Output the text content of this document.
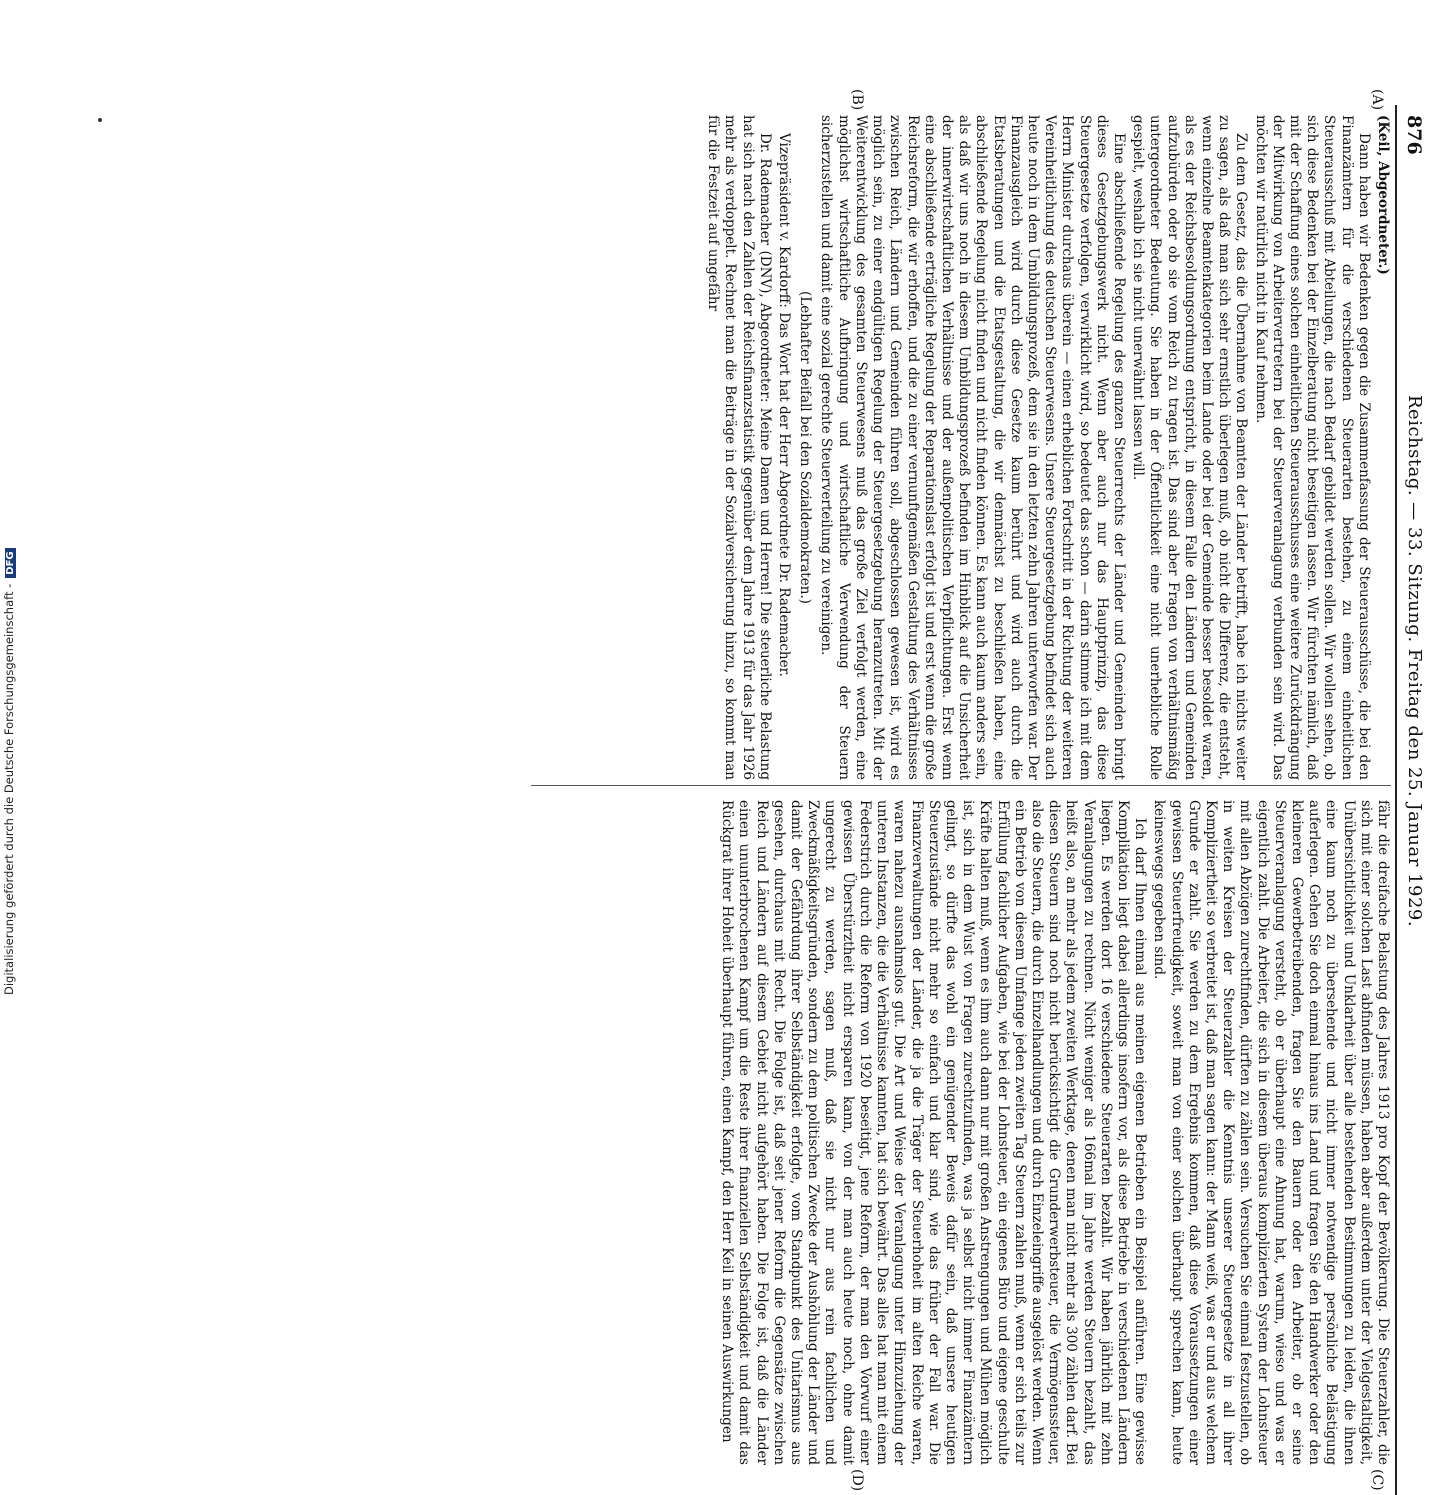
876
Reichstag. — 33. Sitzung. Freitag den 25. Januar 1929.
(A)
(B)
(C)
(D)

(Keil, Abgeordneter.)

Dann haben wir Bedenken gegen die Zusammenfassung der Steuerausschüsse, die bei den Finanzämtern für die verschiedenen Steuerarten bestehen, zu einem einheitlichen Steuerausschuß mit Abteilungen, die nach Bedarf gebildet werden sollen. Wir wollen sehen, ob sich diese Bedenken bei der Einzelberatung nicht beseitigen lassen. Wir fürchten nämlich, daß mit der Schaffung eines solchen einheitlichen Steuerausschusses eine weitere Zurückdrängung der Mitwirkung von Arbeitervertretern bei der Steuerveranlagung verbunden sein wird. Das möchten wir natürlich nicht in Kauf nehmen.

Zu dem Gesetz, das die Übernahme von Beamten der Länder betrifft, habe ich nichts weiter zu sagen, als daß man sich sehr ernstlich überlegen muß, ob nicht die Differenz, die entsteht, wenn einzelne Beamtenkategorien beim Lande oder bei der Gemeinde besser besoldet waren, als es der Reichsbesoldungsordnung entspricht, in diesem Falle den Ländern und Gemeinden aufzubürden oder ob sie vom Reich zu tragen ist. Das sind aber Fragen von verhältnismäßig untergeordneter Bedeutung. Sie haben in der Öffentlichkeit eine nicht unerhebliche Rolle gespielt, weshalb ich sie nicht unerwähnt lassen will.

Eine abschließende Regelung des ganzen Steuerrechts der Länder und Gemeinden bringt dieses Gesetzgebungswerk nicht. Wenn aber auch nur das Hauptprinzip, das diese Steuergesetze verfolgen, verwirklicht wird, so bedeutet das schon — darin stimme ich mit dem Herrn Minister durchaus überein — einen erheblichen Fortschritt in der Richtung der weiteren Vereinheitlichung des deutschen Steuerwesens. Unsere Steuergesetzgebung befindet sich auch heute noch in dem Umbildungsprozeß, dem sie in den letzten zehn Jahren unterworfen war. Der Finanzausgleich wird durch diese Gesetze kaum berührt und wird auch durch die Etatsberatungen und die Etatsgestaltung, die wir demnächst zu beschließen haben, eine abschließende Regelung nicht finden und nicht finden können. Es kann auch kaum anders sein, als daß wir uns noch in diesem Umbildungsprozeß befinden im Hinblick auf die Unsicherheit der innerwirtschaftlichen Verhältnisse und der außenpolitischen Verpflichtungen. Erst wenn eine abschließende erträgliche Regelung der Reparationslast erfolgt ist und erst wenn die große Reichsreform, die wir erhoffen, und die zu einer vernunftgemäßen Gestaltung des Verhältnisses zwischen Reich, Ländern und Gemeinden führen soll, abgeschlossen gewesen ist, wird es möglich sein, zu einer endgültigen Regelung der Steuergesetzgebung heranzutreten. Mit der Weiterentwicklung des gesamten Steuerwesens muß das große Ziel verfolgt werden, eine möglichst wirtschaftliche Aufbringung und wirtschaftliche Verwendung der Steuern sicherzustellen und damit eine sozial gerechte Steuerverteilung zu vereinigen.

(Lebhafter Beifall bei den Sozialdemokraten.)

Vizepräsident v. Kardorff: Das Wort hat der Herr Abgeordnete Dr. Rademacher.

Dr. Rademacher (DNV), Abgeordneter: Meine Damen und Herren! Die steuerliche Belastung hat sich nach den Zahlen der Reichsfinanzstatistik gegenüber dem Jahre 1913 für das Jahr 1926 mehr als verdoppelt. Rechnet man die Beiträge in der Sozialversicherung hinzu, so kommt man für die Festzeit auf ungefähr

fähr die dreifache Belastung des Jahres 1913 pro Kopf der Bevölkerung. Die Steuerzahler, die sich mit einer solchen Last abfinden müssen, haben aber außerdem unter der Vielgestaltigkeit, Unübersichtlichkeit und Unklarheit über alle bestehenden Bestimmungen zu leiden, die ihnen eine kaum noch zu übersehende und nicht immer notwendige persönliche Belästigung auferlegen. Gehen Sie doch einmal hinaus ins Land und fragen Sie den Handwerker oder den kleineren Gewerbetreibenden, fragen Sie den Bauern oder den Arbeiter, ob er seine Steuerveranlagung versteht, ob er überhaupt eine Ahnung hat, warum, wieso und was er eigentlich zahlt. Die Arbeiter, die sich in diesem überaus komplizierten System der Lohnsteuer mit allen Abzügen zurechtfinden, dürften zu zählen sein. Versuchen Sie einmal festzustellen, ob in weiten Kreisen der Steuerzahler die Kenntnis unserer Steuergesetze in all ihrer Kompliziertheit so verbreitet ist, daß man sagen kann: der Mann weiß, was er und aus welchem Grunde er zahlt. Sie werden zu dem Ergebnis kommen, daß diese Voraussetzungen einer gewissen Steuerfreudigkeit, soweit man von einer solchen überhaupt sprechen kann, heute keineswegs gegeben sind.

Ich darf Ihnen einmal aus meinen eigenen Betrieben ein Beispiel anführen. Eine gewisse Komplikation liegt dabei allerdings insofern vor, als diese Betriebe in verschiedenen Ländern liegen. Es werden dort 16 verschiedene Steuerarten bezahlt. Wir haben jährlich mit zehn Veranlagungen zu rechnen. Nicht weniger als 166mal im Jahre werden Steuern bezahlt, das heißt also, an mehr als jedem zweiten Werktage, denen man nicht mehr als 300 zählen darf. Bei diesen Steuern sind noch nicht berücksichtigt die Grunderwerbsteuer, die Vermögenssteuer, also die Steuern, die durch Einzelhandlungen und durch Einzeleingriffe ausgelöst werden. Wenn ein Betrieb von diesem Umfange jeden zweiten Tag Steuern zahlen muß, wenn er sich teils zur Erfüllung fachlicher Aufgaben, wie bei der Lohnsteuer, ein eigenes Büro und eigene geschulte Kräfte halten muß, wenn es ihm auch dann nur mit großen Anstrengungen und Mühen möglich ist, sich in dem Wust von Fragen zurechtzufinden, was ja selbst nicht immer Finanzämtern gelingt, so dürfte das wohl ein genügender Beweis dafür sein, daß unsere heutigen Steuerzustände nicht mehr so einfach und klar sind, wie das früher der Fall war. Die Finanzverwaltungen der Länder, die ja die Träger der Steuerhoheit im alten Reiche waren, waren nahezu ausnahmslos gut. Die Art und Weise der Veranlagung unter Hinzuziehung der unteren Instanzen, die die Verhältnisse kannten, hat sich bewährt. Das alles hat man mit einem Federstrich durch die Reform von 1920 beseitigt, jene Reform, der man den Vorwurf einer gewissen Überstürztheit nicht ersparen kann, von der man auch heute noch, ohne damit ungerecht zu werden, sagen muß, daß sie nicht nur aus rein fachlichen und Zweckmäßigkeitsgründen, sondern zu dem politischen Zwecke der Aushöhlung der Länder und damit der Gefährdung ihrer Selbständigkeit erfolgte, vom Standpunkt des Unitarismus aus gesehen, durchaus mit Recht. Die Folge ist, daß seit jener Reform die Gegensätze zwischen Reich und Ländern auf diesem Gebiet nicht aufgehört haben. Die Folge ist, daß die Länder einen ununterbrochenen Kampf um die Reste ihrer finanziellen Selbständigkeit und damit das Rückgrat ihrer Hoheit überhaupt führen, einen Kampf, den Herr Keil in seinen Auswirkungen

Digitalisierung gefördert durch die Deutsche Forschungsgemeinschaft -DFG
